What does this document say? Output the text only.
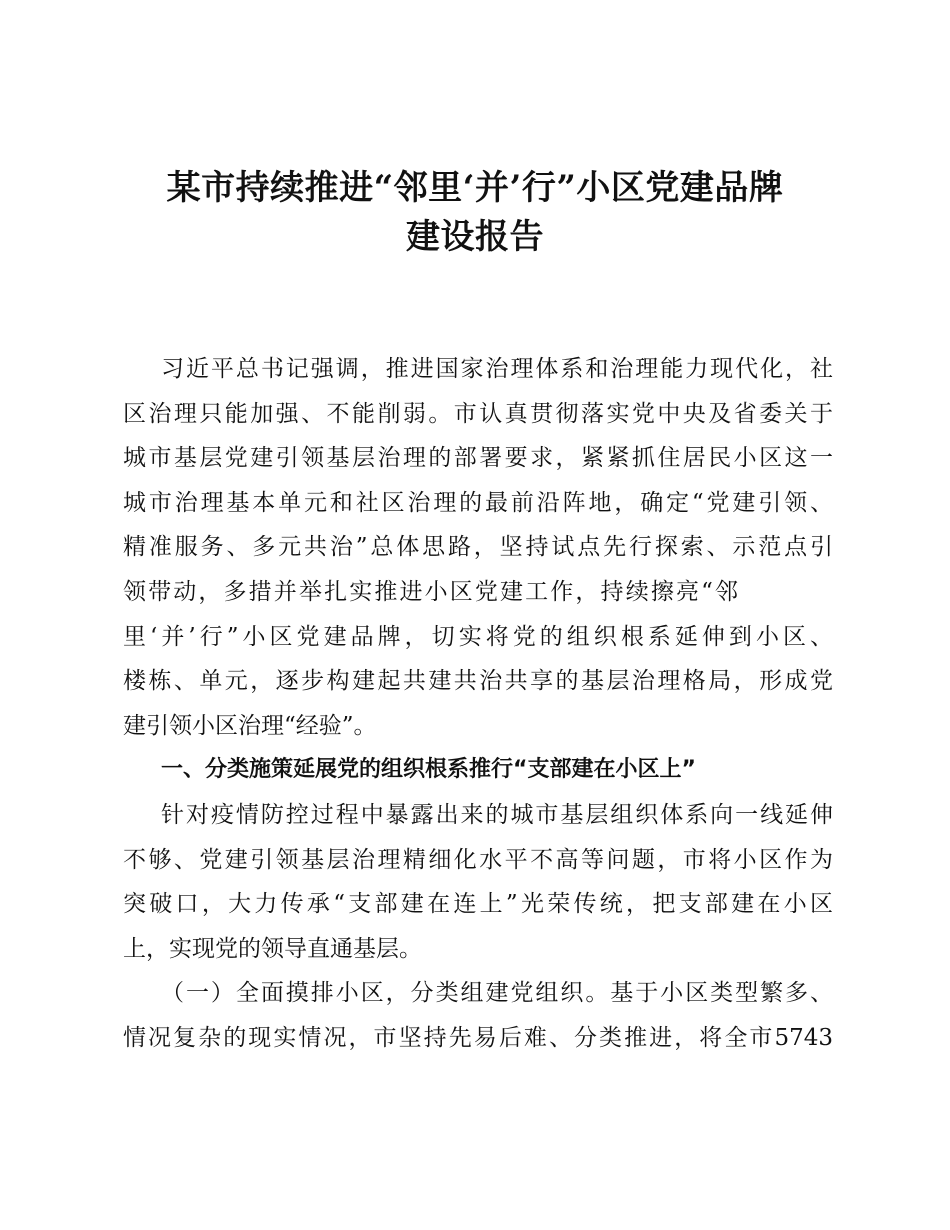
某市持续推进“邻里‘并’行”小区党建品牌
建设报告
习近平总书记强调，推进国家治理体系和治理能力现代化，社
区治理只能加强、不能削弱。市认真贯彻落实党中央及省委关于
城市基层党建引领基层治理的部署要求，紧紧抓住居民小区这一
城市治理基本单元和社区治理的最前沿阵地，确定“党建引领、
精准服务、多元共治”总体思路，坚持试点先行探索、示范点引
领带动，多措并举扎实推进小区党建工作，持续擦亮“邻
里‘并’行”小区党建品牌，切实将党的组织根系延伸到小区、
楼栋、单元，逐步构建起共建共治共享的基层治理格局，形成党
建引领小区治理“经验”。
一、分类施策延展党的组织根系推行“支部建在小区上”
针对疫情防控过程中暴露出来的城市基层组织体系向一线延伸
不够、党建引领基层治理精细化水平不高等问题，市将小区作为
突破口，大力传承“支部建在连上”光荣传统，把支部建在小区
上，实现党的领导直通基层。
（一）全面摸排小区，分类组建党组织。基于小区类型繁多、
情况复杂的现实情况，市坚持先易后难、分类推进，将全市5743
